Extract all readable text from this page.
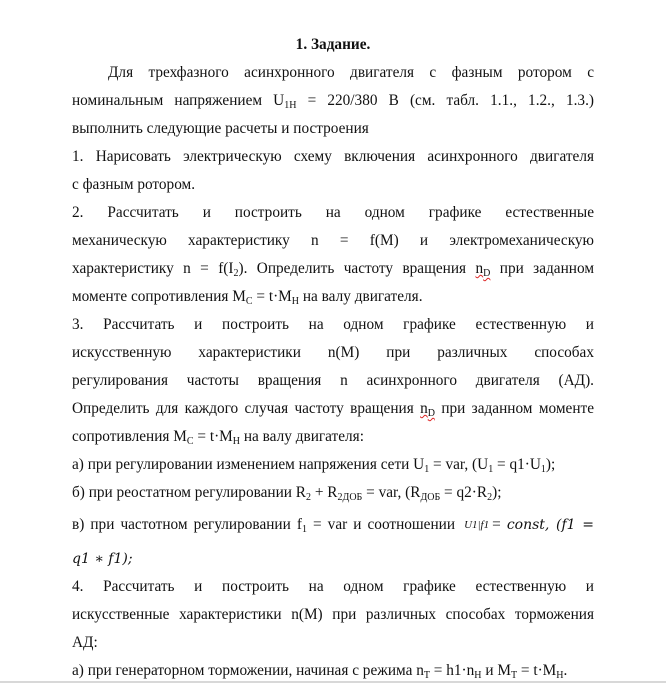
1. Задание.
Для трехфазного асинхронного двигателя с фазным ротором с
номинальным напряжением $U_{1Н} = 220/380$ В (см. табл. 1.1., 1.2., 1.3.)
выполнить следующие расчеты и построения
1. Нарисовать электрическую схему включения асинхронного двигателя
с фазным ротором.
2. Рассчитать и построить на одном графике естественные
механическую характеристику n = f(M) и электромеханическую
характеристику $n = f(I_2)$. Определить частоту вращения $n_D$ при заданном
моменте сопротивления $M_C = t\cdot M_H$ на валу двигателя.
3. Рассчитать и построить на одном графике естественную и
искусственную характеристики n(M) при различных способах
регулирования частоты вращения n асинхронного двигателя (АД).
Определить для каждого случая частоту вращения $n_D$ при заданном моменте
сопротивления $M_C = t\cdot M_H$ на валу двигателя:
а) при регулировании изменением напряжения сети $U_1$ = var, $(U_1 = q1\cdot U_1)$;
б) при реостатном регулировании $R_2 + R_{2ДОБ}$ = var, $(R_{ДОБ} = q2\cdot R_2)$;
в) при частотном регулировании $f_1$ = var и соотношении U1|f1 = const, (f1 =
q1 ∗ f1);
4. Рассчитать и построить на одном графике естественную и
искусственные характеристики n(M) при различных способах торможения
АД:
а) при генераторном торможении, начиная с режима $n_T = h1\cdot n_H$ и $M_T = t\cdot M_H$.
